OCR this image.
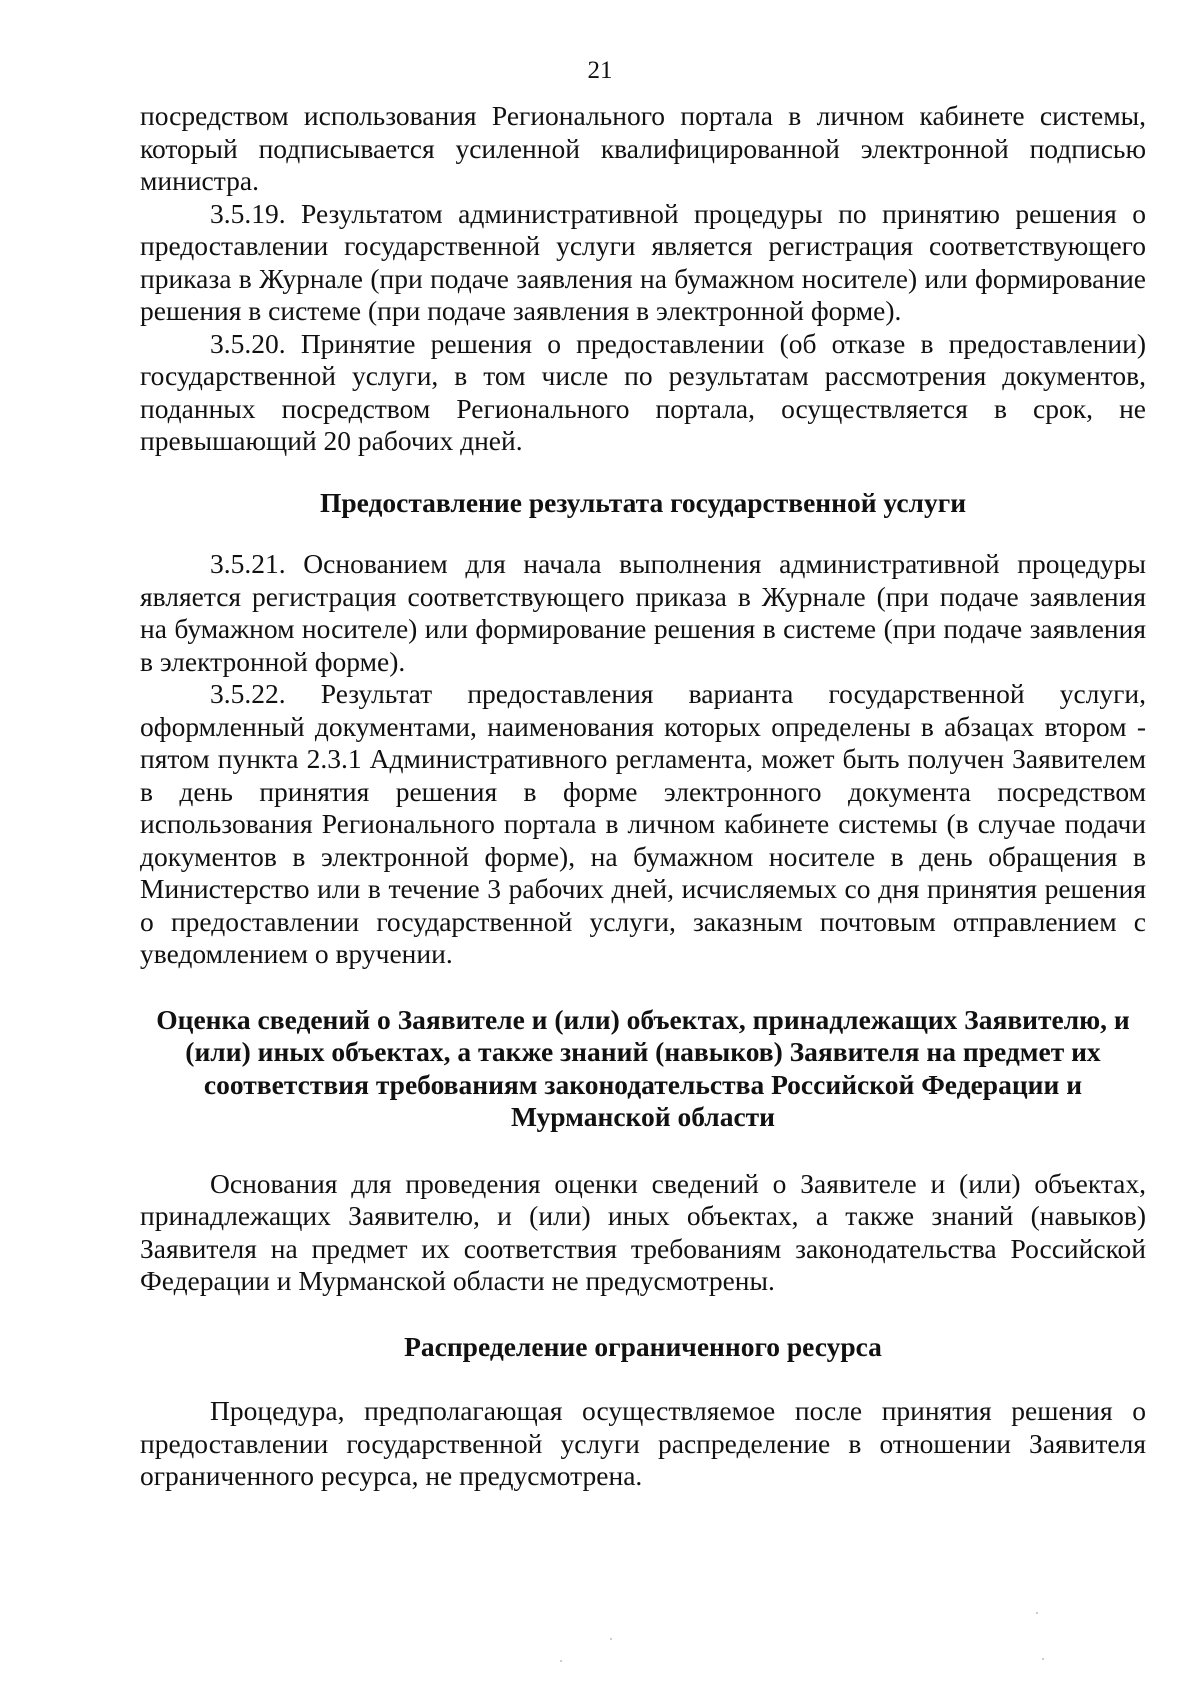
21

посредством использования Регионального портала в личном кабинете системы, который подписывается усиленной квалифицированной электронной подписью министра.

3.5.19. Результатом административной процедуры по принятию решения о предоставлении государственной услуги является регистрация соответствующего приказа в Журнале (при подаче заявления на бумажном носителе) или формирование решения в системе (при подаче заявления в электронной форме).

3.5.20. Принятие решения о предоставлении (об отказе в предоставлении) государственной услуги, в том числе по результатам рассмотрения документов, поданных посредством Регионального портала, осуществляется в срок, не превышающий 20 рабочих дней.

Предоставление результата государственной услуги

3.5.21. Основанием для начала выполнения административной процедуры является регистрация соответствующего приказа в Журнале (при подаче заявления на бумажном носителе) или формирование решения в системе (при подаче заявления в электронной форме).

3.5.22. Результат предоставления варианта государственной услуги, оформленный документами, наименования которых определены в абзацах втором - пятом пункта 2.3.1 Административного регламента, может быть получен Заявителем в день принятия решения в форме электронного документа посредством использования Регионального портала в личном кабинете системы (в случае подачи документов в электронной форме), на бумажном носителе в день обращения в Министерство или в течение 3 рабочих дней, исчисляемых со дня принятия решения о предоставлении государственной услуги, заказным почтовым отправлением с уведомлением о вручении.

Оценка сведений о Заявителе и (или) объектах, принадлежащих Заявителю, и (или) иных объектах, а также знаний (навыков) Заявителя на предмет их соответствия требованиям законодательства Российской Федерации и Мурманской области

Основания для проведения оценки сведений о Заявителе и (или) объектах, принадлежащих Заявителю, и (или) иных объектах, а также знаний (навыков) Заявителя на предмет их соответствия требованиям законодательства Российской Федерации и Мурманской области не предусмотрены.

Распределение ограниченного ресурса

Процедура, предполагающая осуществляемое после принятия решения о предоставлении государственной услуги распределение в отношении Заявителя ограниченного ресурса, не предусмотрена.
